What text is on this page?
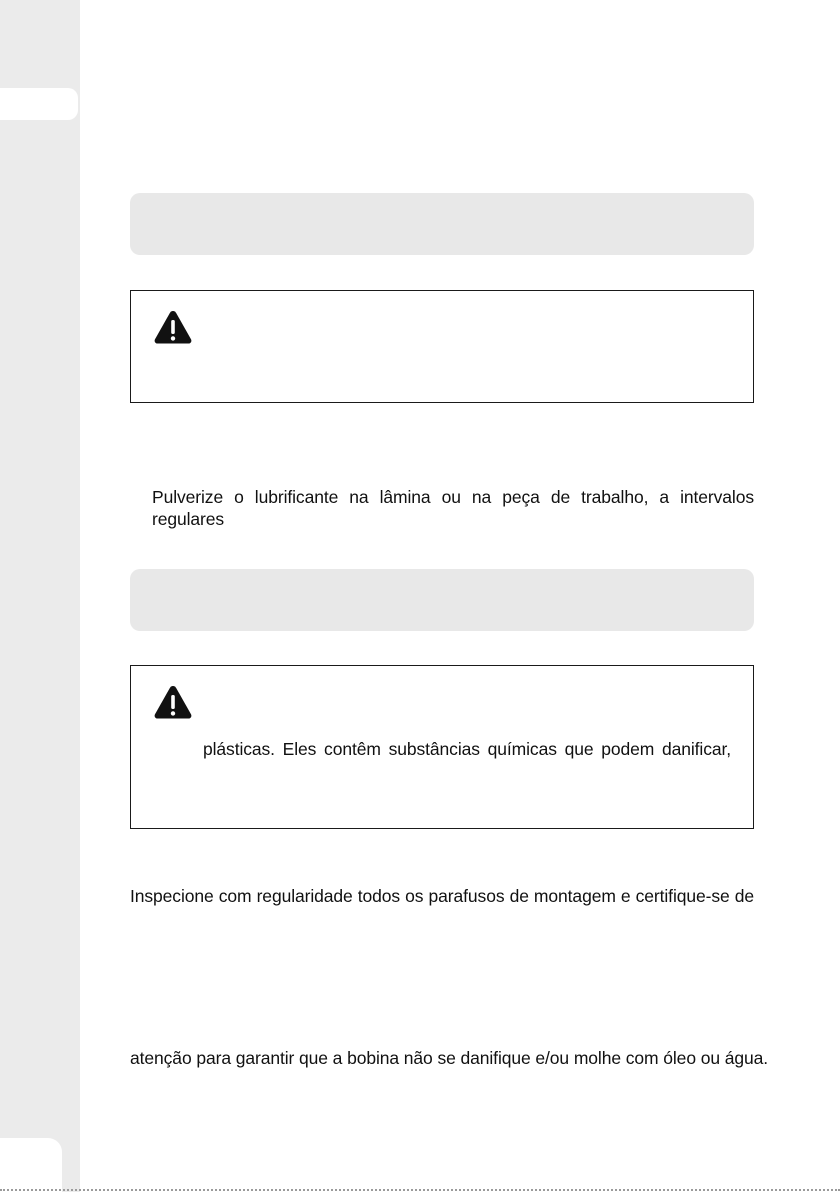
Pulverize o lubrificante na lâmina ou na peça de trabalho, a intervalos regulares
plásticas. Eles contêm substâncias químicas que podem danificar,
Inspecione com regularidade todos os parafusos de montagem e certifique-se de
atenção para garantir que a bobina não se danifique e/ou molhe com óleo ou água.
